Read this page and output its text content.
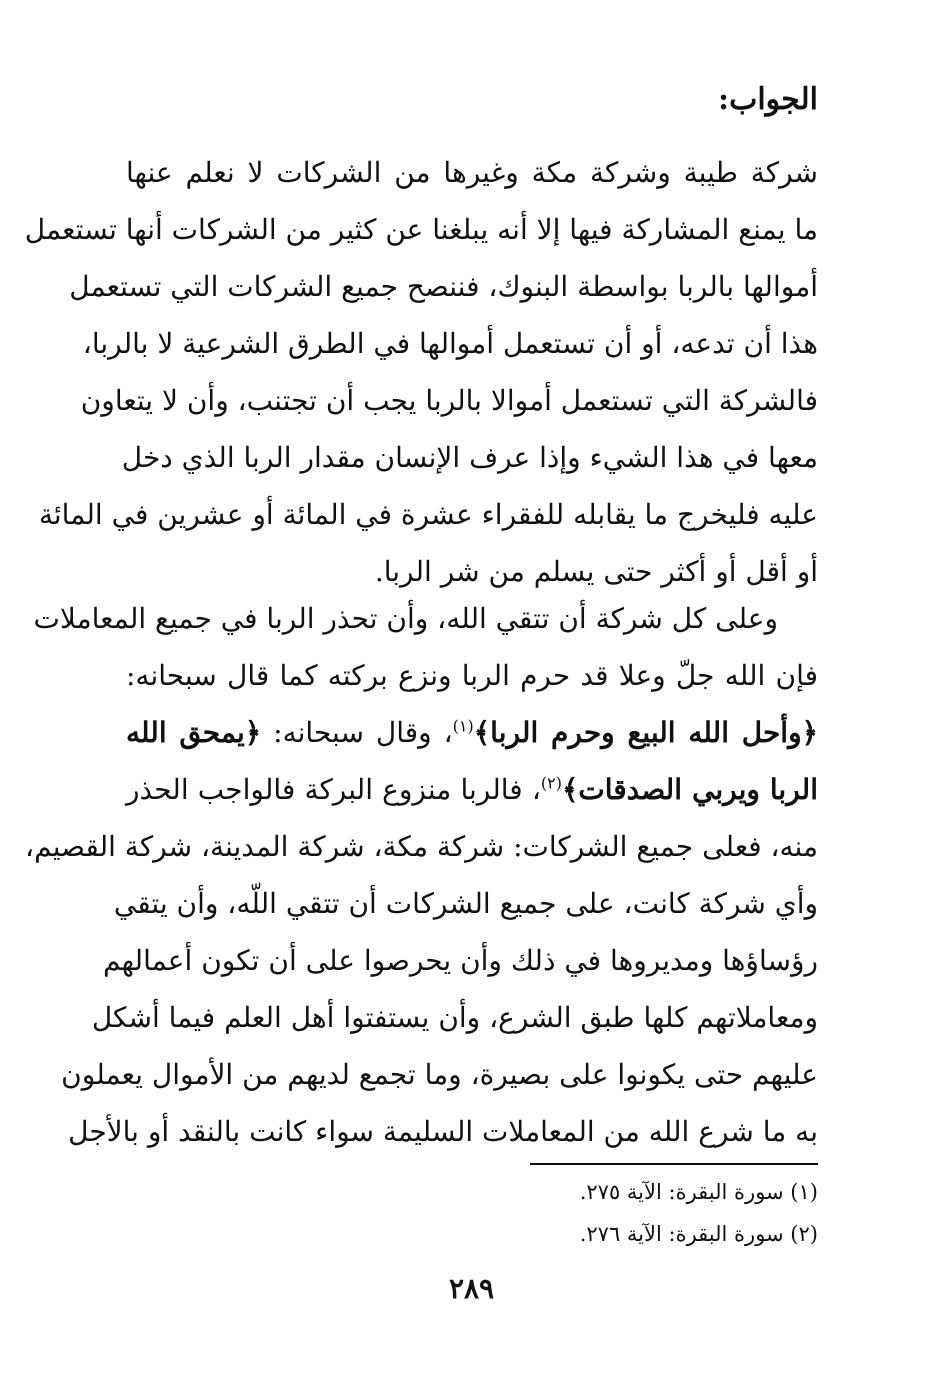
الجواب:
شركة طيبة وشركة مكة وغيرها من الشركات لا نعلم عنها
ما يمنع المشاركة فيها إلا أنه يبلغنا عن كثير من الشركات أنها تستعمل
أموالها بالربا بواسطة البنوك، فننصح جميع الشركات التي تستعمل
هذا أن تدعه، أو أن تستعمل أموالها في الطرق الشرعية لا بالربا،
فالشركة التي تستعمل أموالا بالربا يجب أن تجتنب، وأن لا يتعاون
معها في هذا الشيء وإذا عرف الإنسان مقدار الربا الذي دخل
عليه فليخرج ما يقابله للفقراء عشرة في المائة أو عشرين في المائة
أو أقل أو أكثر حتى يسلم من شر الربا.
وعلى كل شركة أن تتقي الله، وأن تحذر الربا في جميع المعاملات
فإن الله جلّ وعلا قد حرم الربا ونزع بركته كما قال سبحانه:
﴿وأحل الله البيع وحرم الربا﴾$^{(١)}$، وقال سبحانه: ﴿يمحق الله
الربا ويربي الصدقات﴾$^{(٢)}$، فالربا منزوع البركة فالواجب الحذر
منه، فعلى جميع الشركات: شركة مكة، شركة المدينة، شركة القصيم،
وأي شركة كانت، على جميع الشركات أن تتقي اللّه، وأن يتقي
رؤساؤها ومديروها في ذلك وأن يحرصوا على أن تكون أعمالهم
ومعاملاتهم كلها طبق الشرع، وأن يستفتوا أهل العلم فيما أشكل
عليهم حتى يكونوا على بصيرة، وما تجمع لديهم من الأموال يعملون
به ما شرع الله من المعاملات السليمة سواء كانت بالنقد أو بالأجل
(١) سورة البقرة: الآية ٢٧٥.
(٢) سورة البقرة: الآية ٢٧٦.
٢٨٩
